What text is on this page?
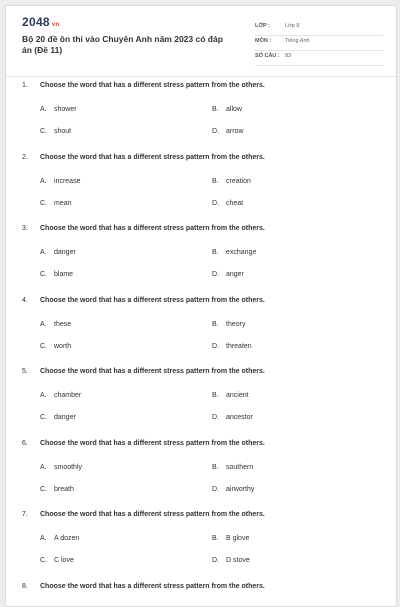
2048 vn
Bộ 20 đề ôn thi vào Chuyên Anh năm 2023 có đáp án (Đề 11)
LỚP :	Lớp 9
MÔN :	Tiếng Anh
SỐ CÂU : 83
1. Choose the word that has a different stress pattern from the others.
A. shower	B. allow
C. shout	D. arrow
2. Choose the word that has a different stress pattern from the others.
A. increase	B. creation
C. mean	D. cheat
3. Choose the word that has a different stress pattern from the others.
A. danger	B. exchange
C. blame	D. anger
4. Choose the word that has a different stress pattern from the others.
A. these	B. theory
C. worth	D. threaten
5. Choose the word that has a different stress pattern from the others.
A. chamber	B. ancient
C. danger	D. ancestor
6. Choose the word that has a different stress pattern from the others.
A. smoothly	B. southern
C. breath	D. airworthy
7. Choose the word that has a different stress pattern from the others.
A. A dozen	B. B glove
C. C love	D. D stove
8. Choose the word that has a different stress pattern from the others.
